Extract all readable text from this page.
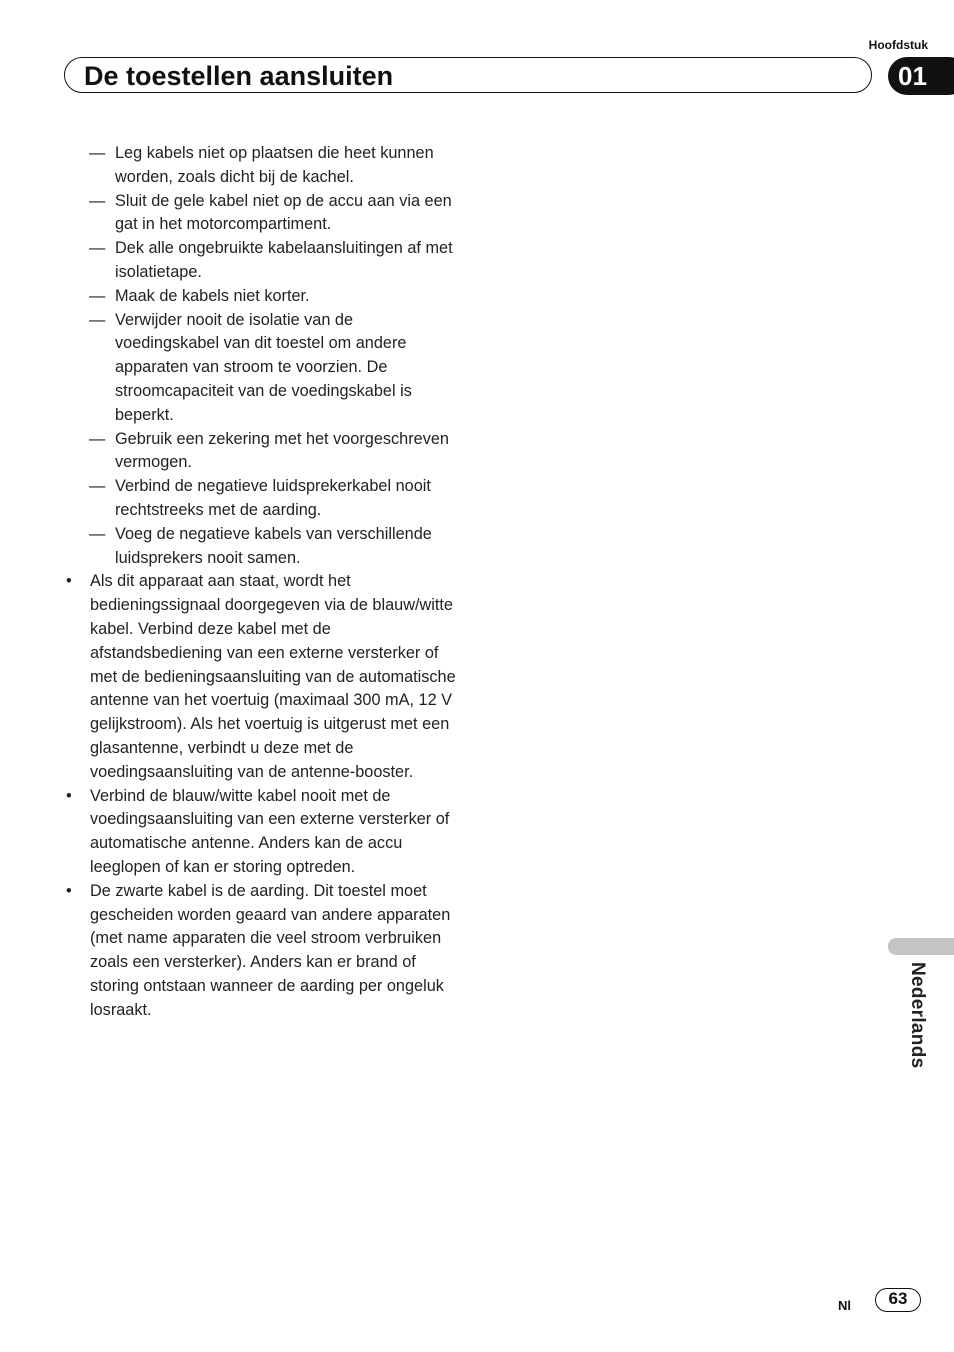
Hoofdstuk
De toestellen aansluiten	01
— Leg kabels niet op plaatsen die heet kunnen worden, zoals dicht bij de kachel.
— Sluit de gele kabel niet op de accu aan via een gat in het motorcompartiment.
— Dek alle ongebruikte kabelaansluitingen af met isolatietape.
— Maak de kabels niet korter.
— Verwijder nooit de isolatie van de voedingskabel van dit toestel om andere apparaten van stroom te voorzien. De stroomcapaciteit van de voedingskabel is beperkt.
— Gebruik een zekering met het voorgeschreven vermogen.
— Verbind de negatieve luidsprekerkabel nooit rechtstreeks met de aarding.
— Voeg de negatieve kabels van verschillende luidsprekers nooit samen.
• Als dit apparaat aan staat, wordt het bedieningssignaal doorgegeven via de blauw/witte kabel. Verbind deze kabel met de afstandsbediening van een externe versterker of met de bedieningsaansluiting van de automatische antenne van het voertuig (maximaal 300 mA, 12 V gelijkstroom). Als het voertuig is uitgerust met een glasantenne, verbindt u deze met de voedingsaansluiting van de antenne-booster.
• Verbind de blauw/witte kabel nooit met de voedingsaansluiting van een externe versterker of automatische antenne. Anders kan de accu leeglopen of kan er storing optreden.
• De zwarte kabel is de aarding. Dit toestel moet gescheiden worden geaard van andere apparaten (met name apparaten die veel stroom verbruiken zoals een versterker). Anders kan er brand of storing ontstaan wanneer de aarding per ongeluk losraakt.	Nederlands
Nl	63
